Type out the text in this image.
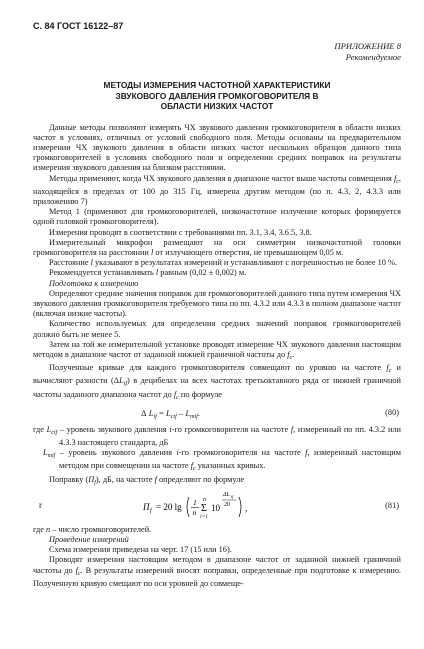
С. 84 ГОСТ 16122–87
ПРИЛОЖЕНИЕ 8
Рекомендуемое
МЕТОДЫ ИЗМЕРЕНИЯ ЧАСТОТНОЙ ХАРАКТЕРИСТИКИ
ЗВУКОВОГО ДАВЛЕНИЯ ГРОМКОГОВОРИТЕЛЯ В
ОБЛАСТИ НИЗКИХ ЧАСТОТ

Данные методы позволяют измерять ЧХ звукового давления громкоговорителя в области низких частот в условиях, отличных от условий свободного поля. Методы основаны на предварительном измерении ЧХ звукового давления в области низких частот нескольких образцов данного типа громкоговорителей в условиях свободного поля и определении средних поправок на результаты измерения звукового давления на близком расстоянии.

Методы применяют, когда ЧХ звукового давления в диапазоне частот выше частоты совмещения $f_с$, находящейся в пределах от 100 до 315 Гц, измерена другим методом (по п. 4.3, 2, 4.3.3 или приложению 7)

Метод 1 (применяют для громкоговорителей, низкочастотное излучение которых формируется одной головкой громкоговорителя).

Измерения проводят в соответствии с требованиями пп. 3.1, 3.4, 3.6.5, 3.8.

Измерительный микрофон размещают на оси симметрии низкочастотной головки громкоговорителя на расстоянии l от излучающего отверстия, не превышающем 0,05 м.

Расстояние l указывают в результатах измерений и устанавливают с погрешностью не более 10 %.

Рекомендуется устанавливать l равным (0,02 ± 0,002) м.

Подготовка к измерению

Определяют средние значения поправок для громкоговорителей данного типа путем измерения ЧХ звукового давления громкоговорителя требуемого типа по пп. 4.3.2 или 4.3.3 в полном диапазоне частот (включая низкие частоты).

Количество используемых для определения средних значений поправок громкоговорителей должно быть не менее 5.

Затем на той же измерительной установке проводят измерение ЧХ звукового давления настоящим методом в диапазоне частот от заданной нижней граничной частоты до $f_с$.

Полученные кривые для каждого громкоговорителя совмещают по уровню на частоте $f_с$ и вычисляют разности $(\Delta L_{if})$ в децибелах на всех частотах третьоктавного ряда от нижней граничной частоты заданного диапазона частот до $f_с$ по формуле

Δ $L_{if} = L_{cif} - L_{mif}$.	(80)
где $L_{cif}$ – уровень звукового давления i-го громкоговорителя на частоте f, измеренный по пп. 4.3.2 или 4.3.3 настоящего стандарта, дБ
$L_{mif}$ – уровень звукового давления i-го громкоговорителя на частоте f, измеренный настоящим методом при совмещении на частоте $f_с$ указанных кривых.

Поправку $(П_f)$, дБ, на частоте f определяют по формуле

r	П f = 20 lg 1
n
n
Σ
i=1
10
ΔL if
20 ,	(81)

где n – число громкоговорителей.

Проведение измерений

Схема измерения приведена на черт. 17 (15 или 16).

Проводят измерения настоящим методом в диапазоне частот от заданной нижней граничной частоты до $f_с$. В результаты измерений вносят поправки, определенные при подготовке к измерению. Полученную кривую смещают по оси уровней до совмеще-
